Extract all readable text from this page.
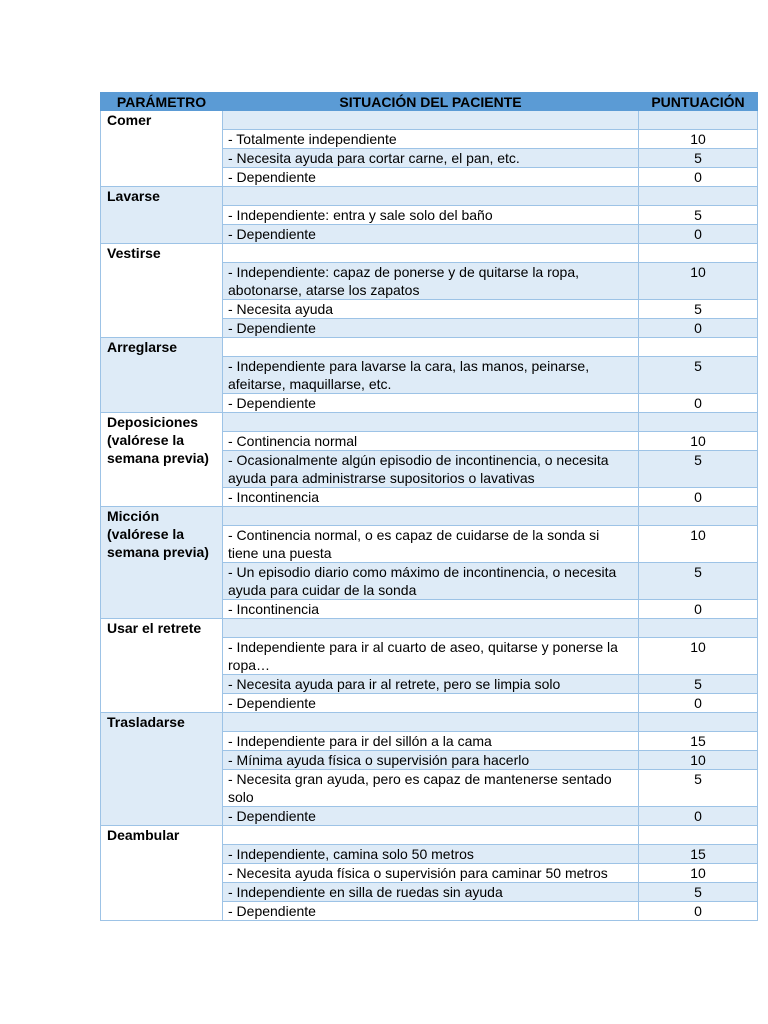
PARÁMETRO	SITUACIÓN DEL PACIENTE	PUNTUACIÓN
Comer		
	- Totalmente independiente	10
	- Necesita ayuda para cortar carne, el pan, etc.	5
	- Dependiente	0
Lavarse		
	- Independiente: entra y sale solo del baño	5
	- Dependiente	0
Vestirse		
	- Independiente: capaz de ponerse y de quitarse la ropa, abotonarse, atarse los zapatos	10
	- Necesita ayuda	5
	- Dependiente	0
Arreglarse		
	- Independiente para lavarse la cara, las manos, peinarse, afeitarse, maquillarse, etc.	5
	- Dependiente	0
Deposiciones (valórese la semana previa)		
	- Continencia normal	10
	- Ocasionalmente algún episodio de incontinencia, o necesita ayuda para administrarse supositorios o lavativas	5
	- Incontinencia	0
Micción (valórese la semana previa)		
	- Continencia normal, o es capaz de cuidarse de la sonda si tiene una puesta	10
	- Un episodio diario como máximo de incontinencia, o necesita ayuda para cuidar de la sonda	5
	- Incontinencia	0
Usar el retrete		
	- Independiente para ir al cuarto de aseo, quitarse y ponerse la ropa…	10
	- Necesita ayuda para ir al retrete, pero se limpia solo	5
	- Dependiente	0
Trasladarse		
	- Independiente para ir del sillón a la cama	15
	- Mínima ayuda física o supervisión para hacerlo	10
	- Necesita gran ayuda, pero es capaz de mantenerse sentado solo	5
	- Dependiente	0
Deambular		
	- Independiente, camina solo 50 metros	15
	- Necesita ayuda física o supervisión para caminar 50 metros	10
	- Independiente en silla de ruedas sin ayuda	5
	- Dependiente	0
